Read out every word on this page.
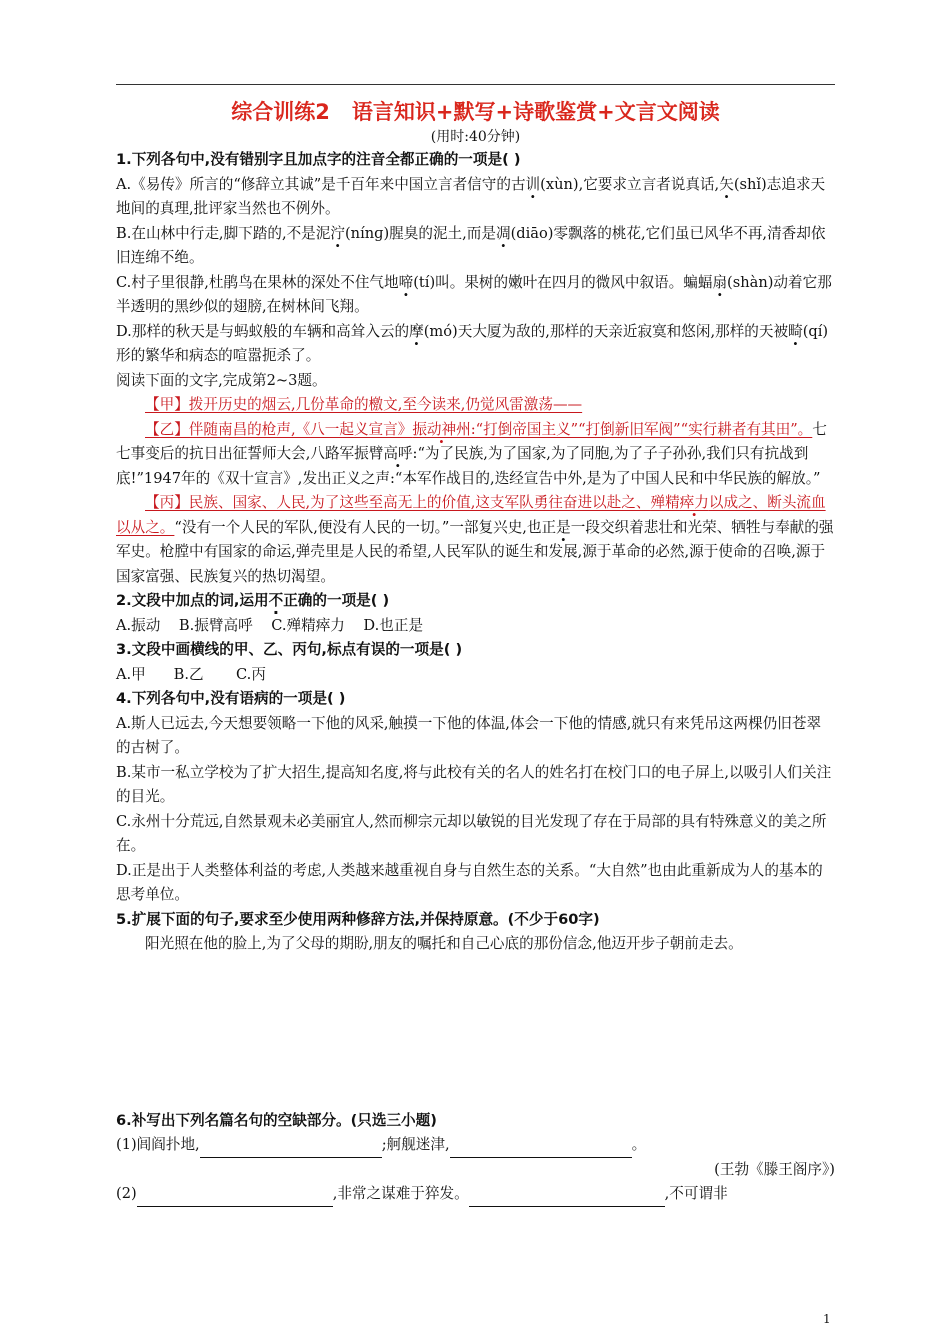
综合训练2 语言知识+默写+诗歌鉴赏+文言文阅读
(用时:40分钟)

1.下列各句中,没有错别字且加点字的注音全都正确的一项是( )

A.《易传》所言的“修辞立其诚”是千百年来中国立言者信守的古训(xùn),它要求立言者说真话,矢(shǐ)志追求天地间的真理,批评家当然也不例外。

B.在山林中行走,脚下踏的,不是泥泞(nínɡ)腥臭的泥土,而是凋(diāo)零飘落的桃花,它们虽已风华不再,清香却依旧连绵不绝。

C.村子里很静,杜鹃鸟在果林的深处不住气地啼(tí)叫。果树的嫩叶在四月的微风中叙语。蝙蝠扇(shàn)动着它那半透明的黑纱似的翅膀,在树林间飞翔。

D.那样的秋天是与蚂蚁般的车辆和高耸入云的摩(mó)天大厦为敌的,那样的天亲近寂寞和悠闲,那样的天被畸(qí)形的繁华和病态的喧嚣扼杀了。

阅读下面的文字,完成第2~3题。

【甲】拨开历史的烟云,几份革命的檄文,至今读来,仍觉风雷激荡——

【乙】伴随南昌的枪声,《八一起义宣言》振动神州:“打倒帝国主义”“打倒新旧军阀”“实行耕者有其田”。七七事变后的抗日出征誓师大会,八路军振臂高呼:“为了民族,为了国家,为了同胞,为了子子孙孙,我们只有抗战到底!”1947年的《双十宣言》,发出正义之声:“本军作战目的,迭经宣告中外,是为了中国人民和中华民族的解放。”

【丙】民族、国家、人民,为了这些至高无上的价值,这支军队勇往奋进以赴之、殚精瘁力以成之、断头流血以从之。“没有一个人民的军队,便没有人民的一切。”一部复兴史,也正是一段交织着悲壮和光荣、牺牲与奉献的强军史。枪膛中有国家的命运,弹壳里是人民的希望,人民军队的诞生和发展,源于革命的必然,源于使命的召唤,源于国家富强、民族复兴的热切渴望。

2.文段中加点的词,运用不正确的一项是( )

A.振动    B.振臂高呼    C.殚精瘁力    D.也正是

3.文段中画横线的甲、乙、丙句,标点有误的一项是( )

A.甲      B.乙       C.丙

4.下列各句中,没有语病的一项是( )

A.斯人已远去,今天想要领略一下他的风采,触摸一下他的体温,体会一下他的情感,就只有来凭吊这两棵仍旧苍翠的古树了。

B.某市一私立学校为了扩大招生,提高知名度,将与此校有关的名人的姓名打在校门口的电子屏上,以吸引人们关注的目光。

C.永州十分荒远,自然景观未必美丽宜人,然而柳宗元却以敏锐的目光发现了存在于局部的具有特殊意义的美之所在。

D.正是出于人类整体利益的考虑,人类越来越重视自身与自然生态的关系。“大自然”也由此重新成为人的基本的思考单位。

5.扩展下面的句子,要求至少使用两种修辞方法,并保持原意。(不少于60字)

阳光照在他的脸上,为了父母的期盼,朋友的嘱托和自己心底的那份信念,他迈开步子朝前走去。

6.补写出下列名篇名句的空缺部分。(只选三小题)

(1)闾阎扑地,	;舸舰迷津,	。

(王勃《滕王阁序》)

(2)	,非常之谋难于猝发。	,不可谓非

1
